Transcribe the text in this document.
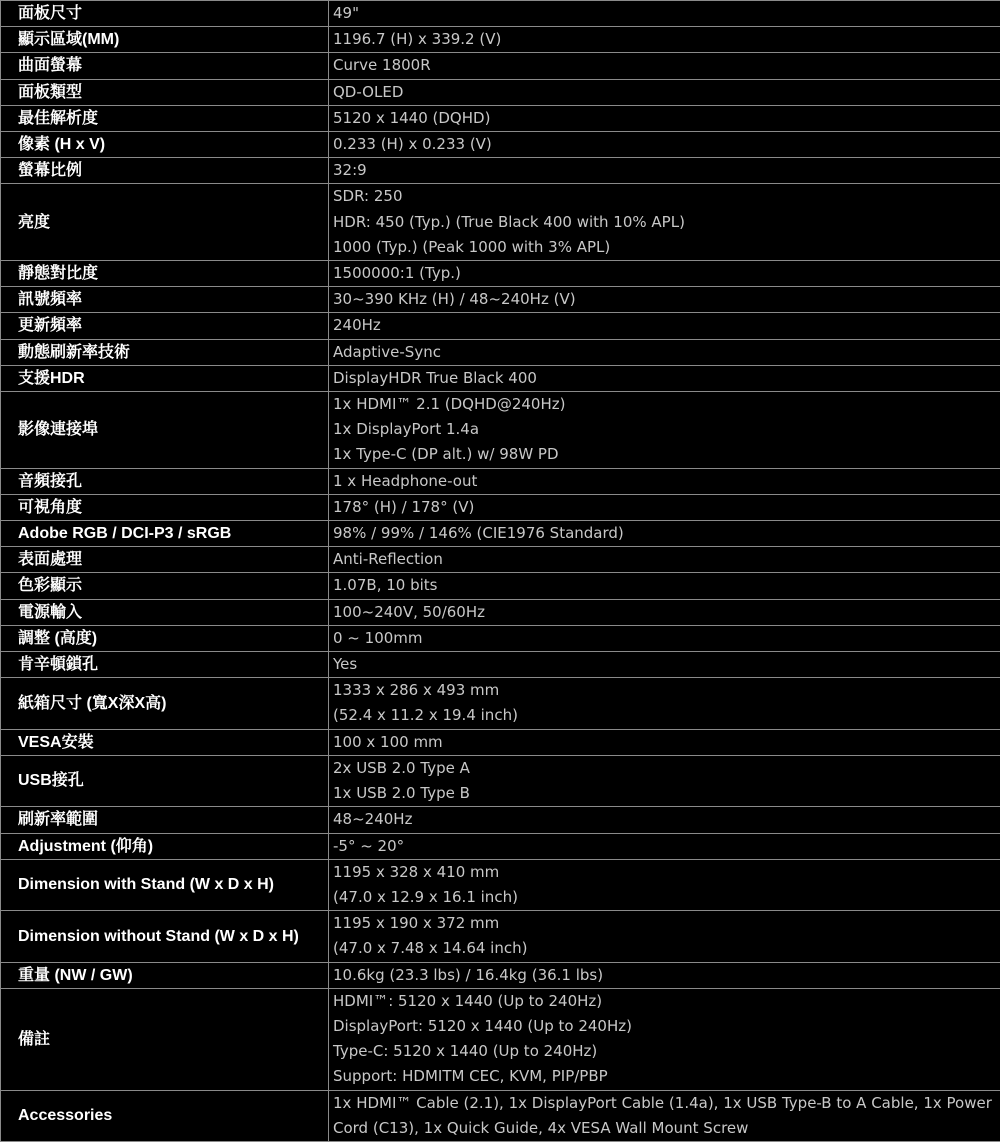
面板尺寸	49"
顯示區域(MM)	1196.7 (H) x 339.2 (V)
曲面螢幕	Curve 1800R
面板類型	QD-OLED
最佳解析度	5120 x 1440 (DQHD)
像素 (H x V)	0.233 (H) x 0.233 (V)
螢幕比例	32:9
亮度	SDR: 250
HDR: 450 (Typ.) (True Black 400 with 10% APL)
1000 (Typ.) (Peak 1000 with 3% APL)
靜態對比度	1500000:1 (Typ.)
訊號頻率	30~390 KHz (H) / 48~240Hz (V)
更新頻率	240Hz
動態刷新率技術	Adaptive-Sync
支援HDR	DisplayHDR True Black 400
影像連接埠	1x HDMI™ 2.1 (DQHD@240Hz)
1x DisplayPort 1.4a
1x Type-C (DP alt.) w/ 98W PD
音頻接孔	1 x Headphone-out
可視角度	178° (H) / 178° (V)
Adobe RGB / DCI-P3 / sRGB	98% / 99% / 146% (CIE1976 Standard)
表面處理	Anti-Reflection
色彩顯示	1.07B, 10 bits
電源輸入	100~240V, 50/60Hz
調整 (高度)	0 ~ 100mm
肯辛頓鎖孔	Yes
紙箱尺寸 (寬X深X高)	1333 x 286 x 493 mm
(52.4 x 11.2 x 19.4 inch)
VESA安裝	100 x 100 mm
USB接孔	2x USB 2.0 Type A
1x USB 2.0 Type B
刷新率範圍	48~240Hz
Adjustment (仰角)	-5° ~ 20°
Dimension with Stand (W x D x H)	1195 x 328 x 410 mm
(47.0 x 12.9 x 16.1 inch)
Dimension without Stand (W x D x H)	1195 x 190 x 372 mm
(47.0 x 7.48 x 14.64 inch)
重量 (NW / GW)	10.6kg (23.3 lbs) / 16.4kg (36.1 lbs)
備註	HDMI™: 5120 x 1440 (Up to 240Hz)
DisplayPort: 5120 x 1440 (Up to 240Hz)
Type-C: 5120 x 1440 (Up to 240Hz)
Support: HDMITM CEC, KVM, PIP/PBP
Accessories	1x HDMI™ Cable (2.1), 1x DisplayPort Cable (1.4a), 1x USB Type-B to A Cable, 1x Power Cord (C13), 1x Quick Guide, 4x VESA Wall Mount Screw
